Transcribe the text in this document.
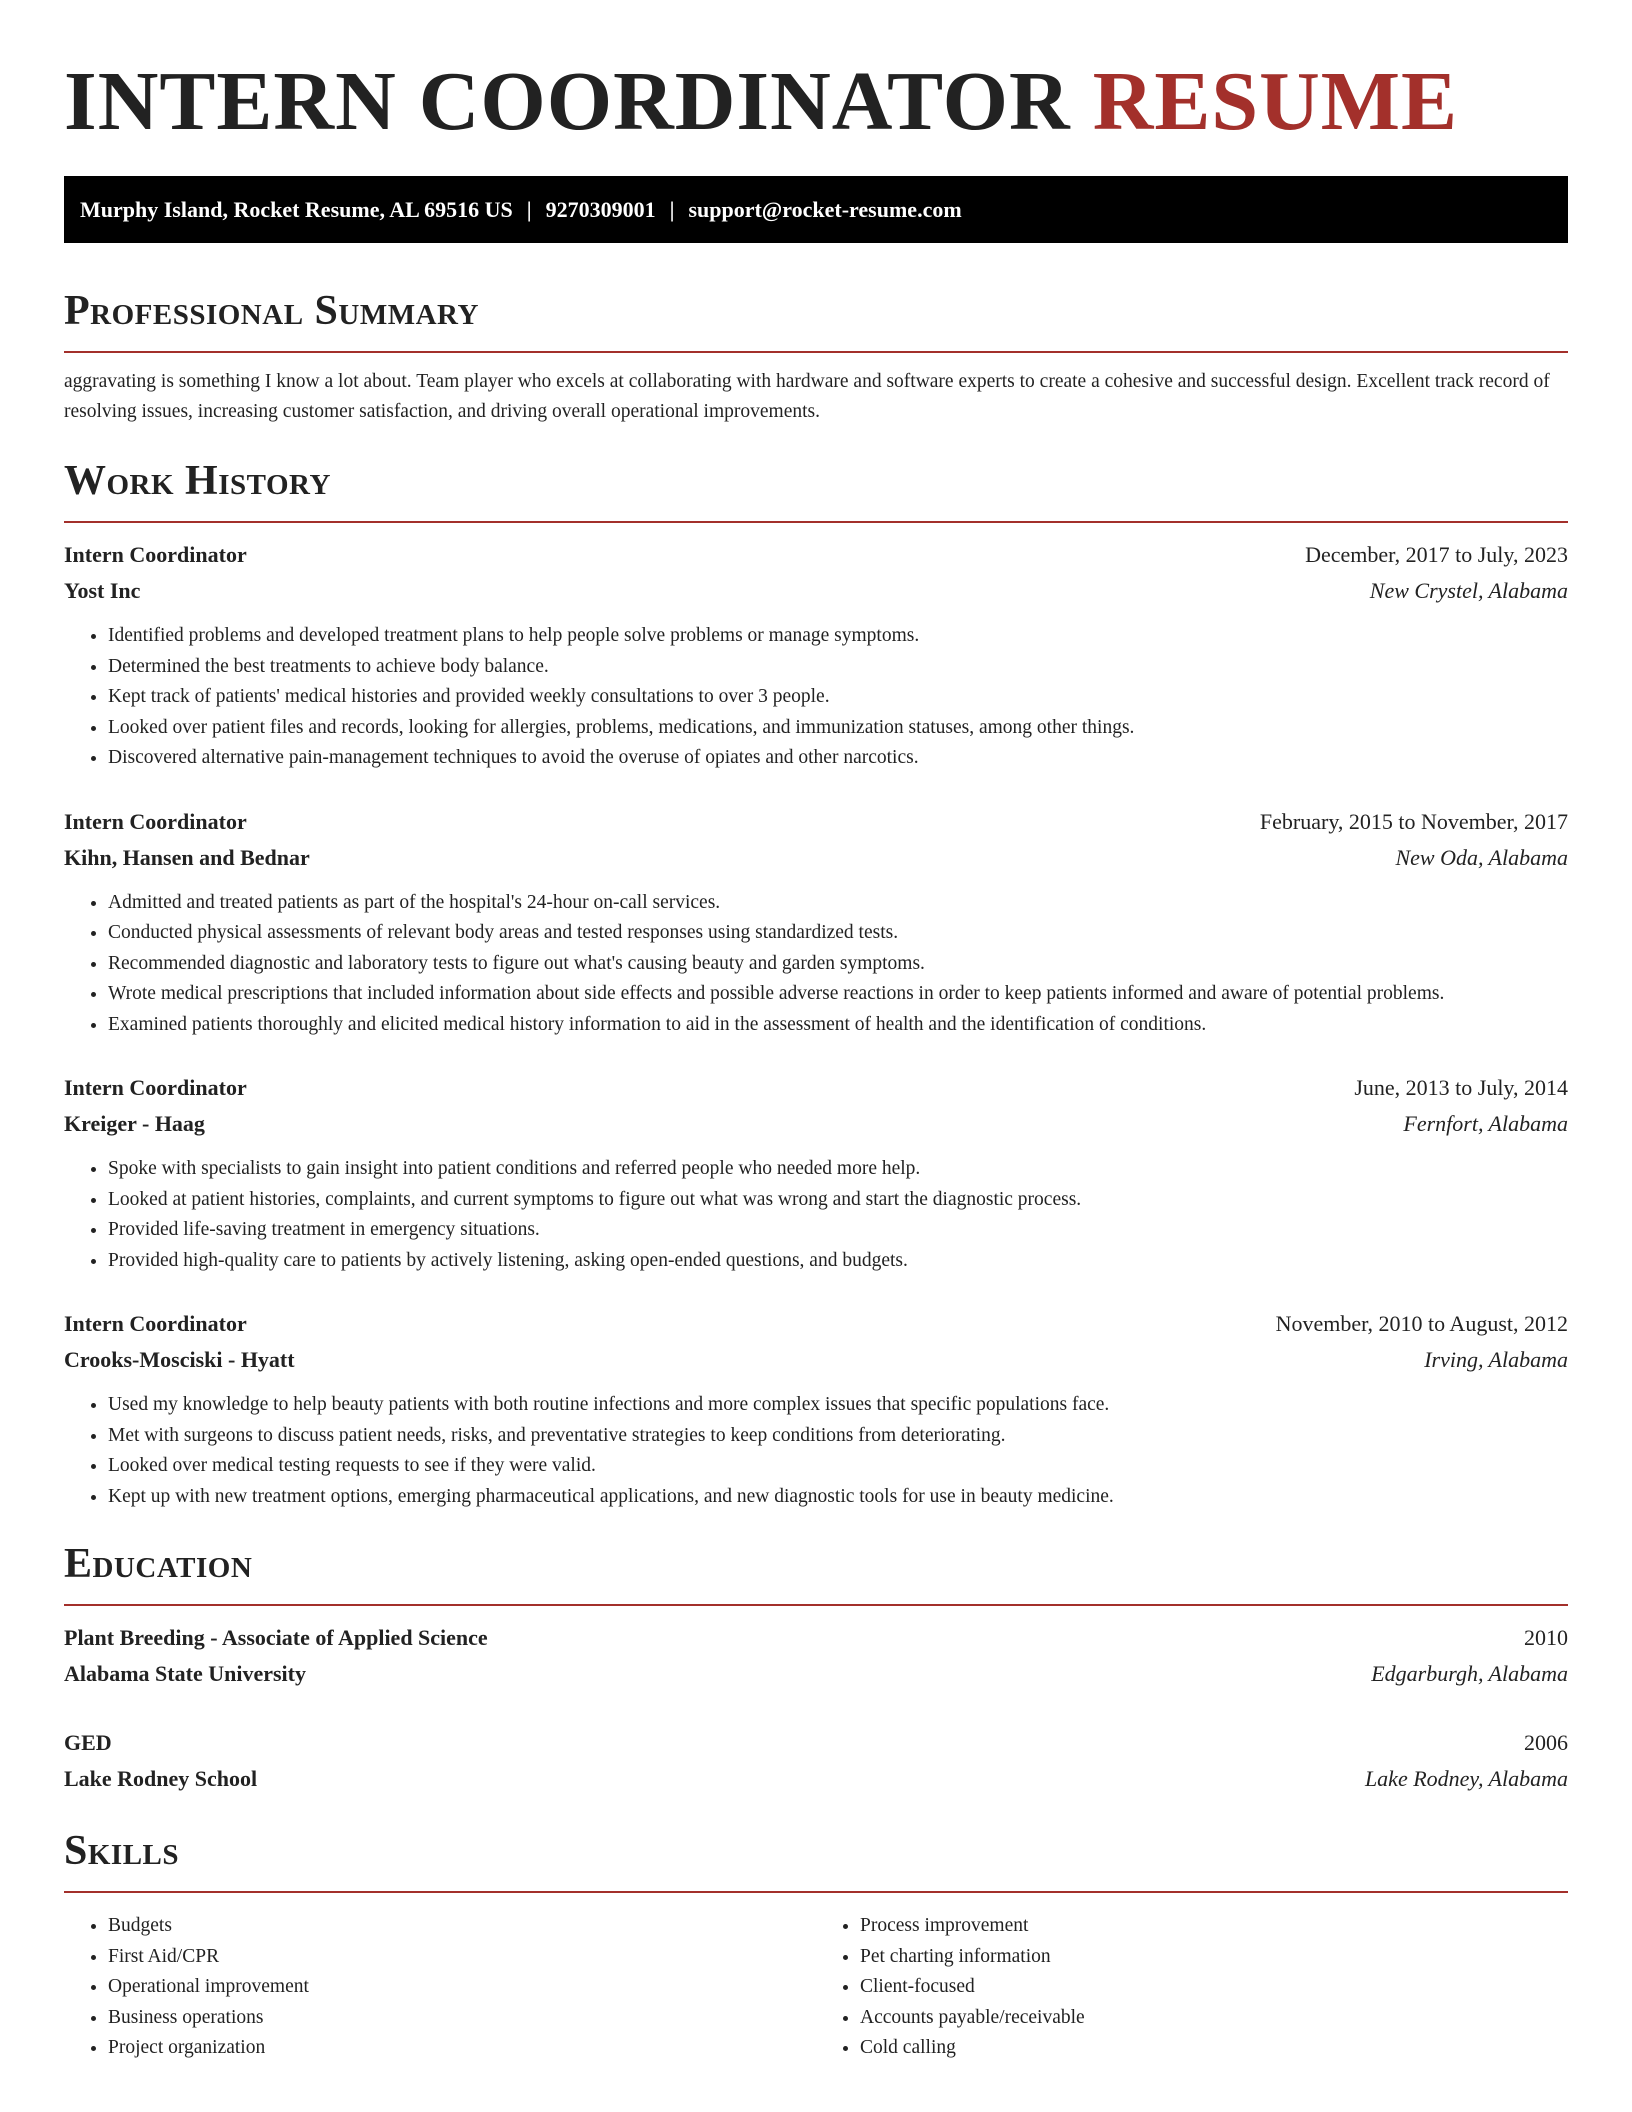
INTERN COORDINATOR RESUME
Murphy Island, Rocket Resume, AL 69516 US | 9270309001 | support@rocket-resume.com
Professional Summary

aggravating is something I know a lot about. Team player who excels at collaborating with hardware and software experts to create a cohesive and successful design. Excellent track record of resolving issues, increasing customer satisfaction, and driving overall operational improvements.

Work History
Intern Coordinator	December, 2017 to July, 2023
Yost Inc	New Crystel, Alabama
• Identified problems and developed treatment plans to help people solve problems or manage symptoms.
• Determined the best treatments to achieve body balance.
• Kept track of patients' medical histories and provided weekly consultations to over 3 people.
• Looked over patient files and records, looking for allergies, problems, medications, and immunization statuses, among other things.
• Discovered alternative pain-management techniques to avoid the overuse of opiates and other narcotics.
Intern Coordinator	February, 2015 to November, 2017
Kihn, Hansen and Bednar	New Oda, Alabama
• Admitted and treated patients as part of the hospital's 24-hour on-call services.
• Conducted physical assessments of relevant body areas and tested responses using standardized tests.
• Recommended diagnostic and laboratory tests to figure out what's causing beauty and garden symptoms.
• Wrote medical prescriptions that included information about side effects and possible adverse reactions in order to keep patients informed and aware of potential problems.
• Examined patients thoroughly and elicited medical history information to aid in the assessment of health and the identification of conditions.
Intern Coordinator	June, 2013 to July, 2014
Kreiger - Haag	Fernfort, Alabama
• Spoke with specialists to gain insight into patient conditions and referred people who needed more help.
• Looked at patient histories, complaints, and current symptoms to figure out what was wrong and start the diagnostic process.
• Provided life-saving treatment in emergency situations.
• Provided high-quality care to patients by actively listening, asking open-ended questions, and budgets.
Intern Coordinator	November, 2010 to August, 2012
Crooks-Mosciski - Hyatt	Irving, Alabama
• Used my knowledge to help beauty patients with both routine infections and more complex issues that specific populations face.
• Met with surgeons to discuss patient needs, risks, and preventative strategies to keep conditions from deteriorating.
• Looked over medical testing requests to see if they were valid.
• Kept up with new treatment options, emerging pharmaceutical applications, and new diagnostic tools for use in beauty medicine.
Education
Plant Breeding - Associate of Applied Science	2010
Alabama State University	Edgarburgh, Alabama
GED	2006
Lake Rodney School	Lake Rodney, Alabama
Skills
• Budgets
• First Aid/CPR
• Operational improvement
• Business operations
• Project organization
• Process improvement
• Pet charting information
• Client-focused
• Accounts payable/receivable
• Cold calling
